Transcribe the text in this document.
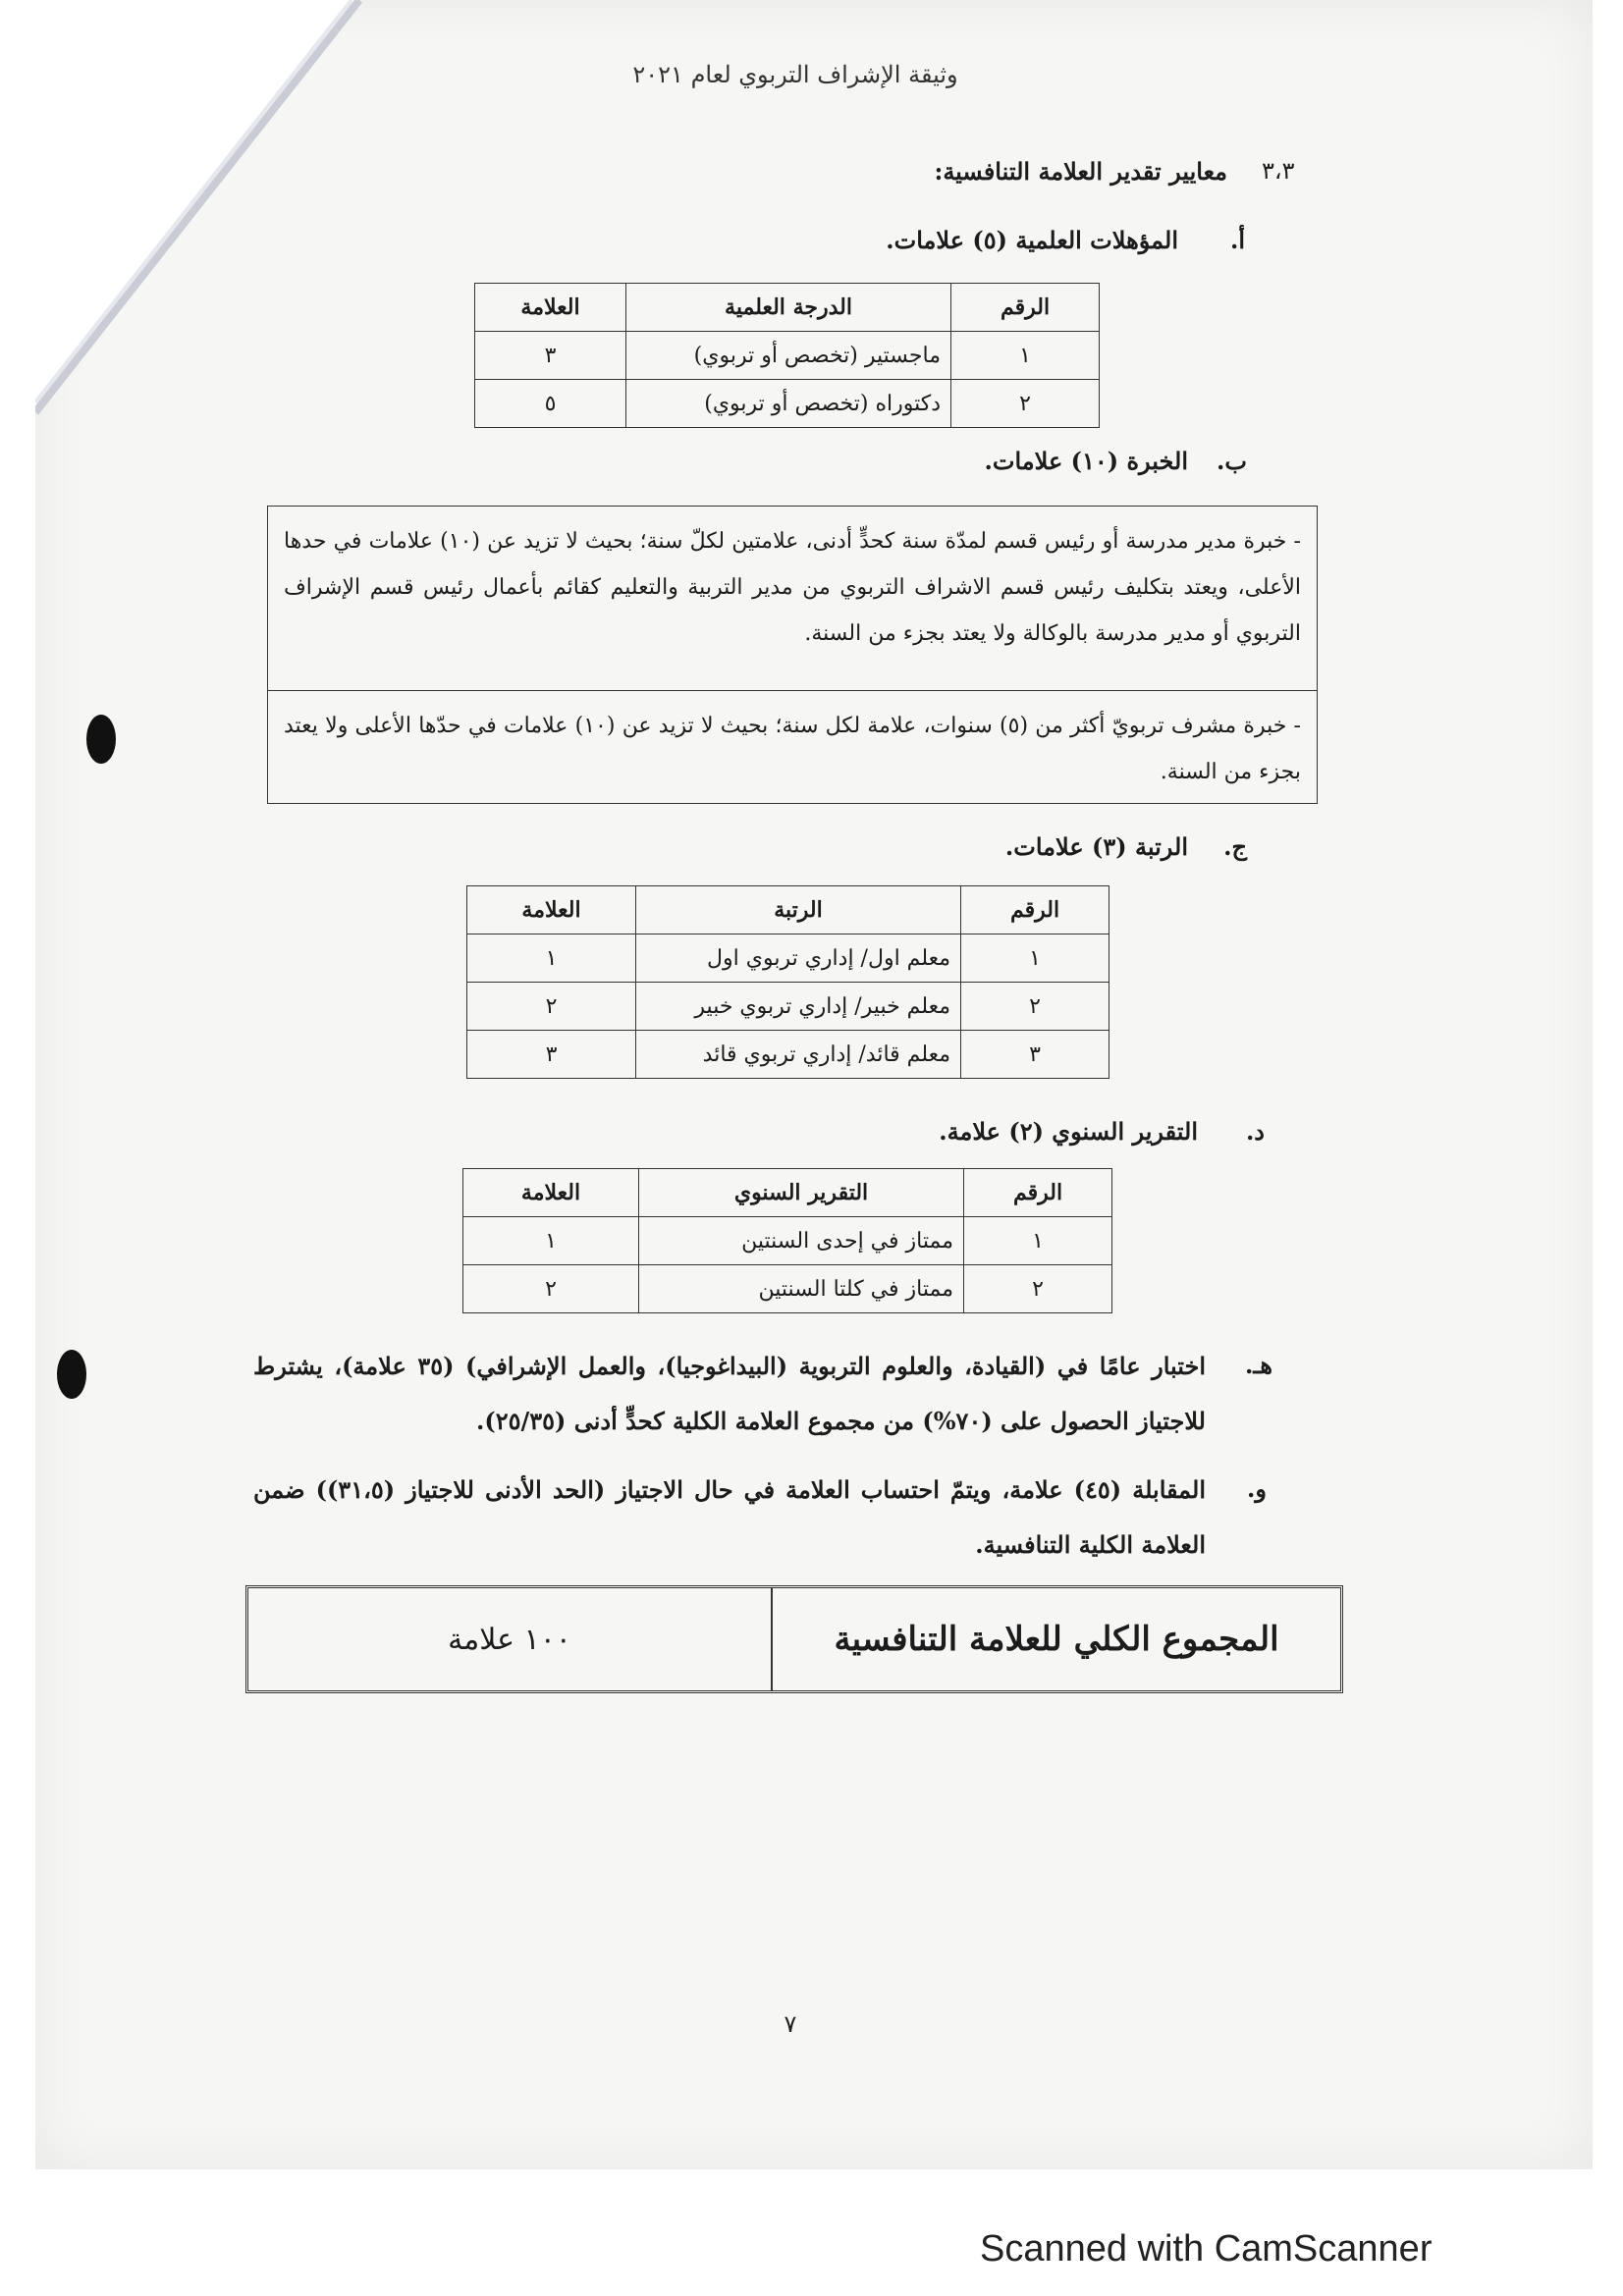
وثيقة الإشراف التربوي لعام ٢٠٢١
٣،٣
معايير تقدير العلامة التنافسية:
أ.
المؤهلات العلمية (٥) علامات.
الرقم	الدرجة العلمية	العلامة
١	ماجستير (تخصص أو تربوي)	٣
٢	دكتوراه (تخصص أو تربوي)	٥
ب.
الخبرة (١٠) علامات.

- خبرة مدير مدرسة أو رئيس قسم لمدّة سنة كحدٍّ أدنى، علامتين لكلّ سنة؛ بحيث لا تزيد عن (١٠) علامات في حدها الأعلى، ويعتد بتكليف رئيس قسم الاشراف التربوي من مدير التربية والتعليم كقائم بأعمال رئيس قسم الإشراف التربوي أو مدير مدرسة بالوكالة ولا يعتد بجزء من السنة.

- خبرة مشرف تربويّ أكثر من (٥) سنوات، علامة لكل سنة؛ بحيث لا تزيد عن (١٠) علامات في حدّها الأعلى ولا يعتد بجزء من السنة.

ج.
الرتبة (٣) علامات.
الرقم	الرتبة	العلامة
١	معلم اول/ إداري تربوي اول	١
٢	معلم خبير/ إداري تربوي خبير	٢
٣	معلم قائد/ إداري تربوي قائد	٣
د.
التقرير السنوي (٢) علامة.
الرقم	التقرير السنوي	العلامة
١	ممتاز في إحدى السنتين	١
٢	ممتاز في كلتا السنتين	٢
هـ.
اختبار عامًا في (القيادة، والعلوم التربوية (البيداغوجيا)، والعمل الإشرافي) (٣٥ علامة)، يشترط للاجتياز الحصول على (٧٠%) من مجموع العلامة الكلية كحدٍّ أدنى (٢٥/٣٥).
و.
المقابلة (٤٥) علامة، ويتمّ احتساب العلامة في حال الاجتياز (الحد الأدنى للاجتياز (٣١،٥)) ضمن العلامة الكلية التنافسية.
المجموع الكلي للعلامة التنافسية
١٠٠ علامة
٧
Scanned with CamScanner
